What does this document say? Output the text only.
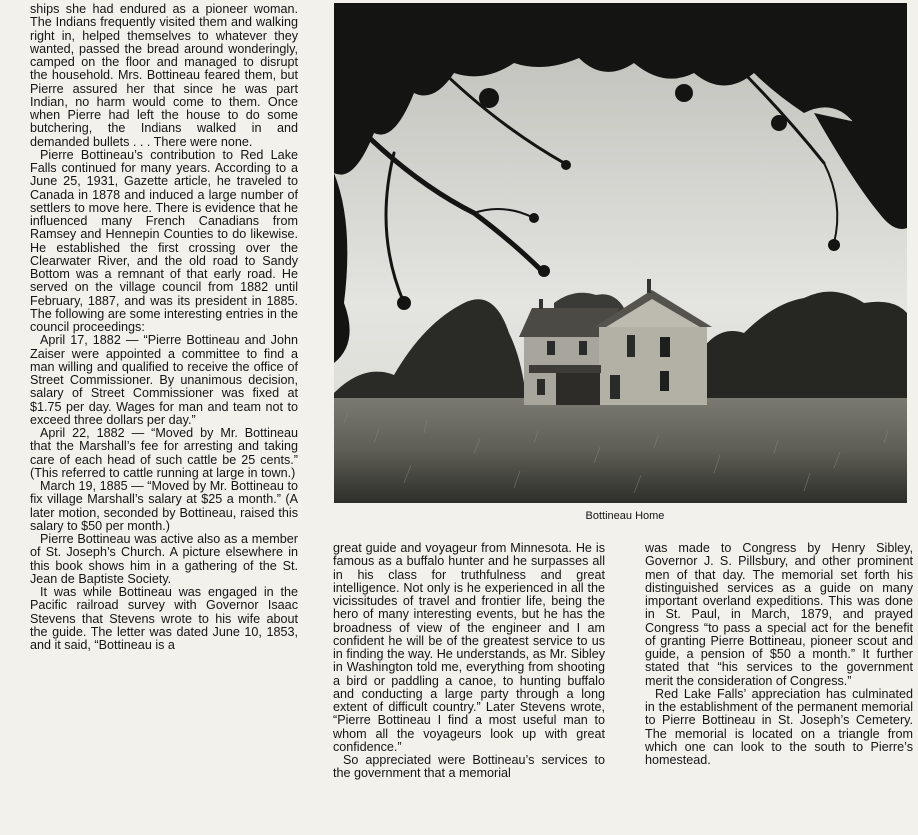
ships she had endured as a pioneer woman. The Indians frequently visited them and walking right in, helped themselves to whatever they wanted, passed the bread around wonderingly, camped on the floor and managed to disrupt the household. Mrs. Bottineau feared them, but Pierre assured her that since he was part Indian, no harm would come to them. Once when Pierre had left the house to do some butchering, the Indians walked in and demanded bullets . . . There were none.

Pierre Bottineau’s contribution to Red Lake Falls continued for many years. According to a June 25, 1931, Gazette article, he traveled to Canada in 1878 and induced a large number of settlers to move here. There is evidence that he influenced many French Canadians from Ramsey and Hennepin Counties to do likewise. He established the first crossing over the Clearwater River, and the old road to Sandy Bottom was a remnant of that early road. He served on the village council from 1882 until February, 1887, and was its president in 1885. The following are some interesting entries in the council proceedings:

April 17, 1882 — “Pierre Bottineau and John Zaiser were appointed a committee to find a man willing and qualified to receive the office of Street Commissioner. By unanimous decision, salary of Street Commissioner was fixed at $1.75 per day. Wages for man and team not to exceed three dollars per day.”

April 22, 1882 — “Moved by Mr. Bottineau that the Marshall’s fee for arresting and taking care of each head of such cattle be 25 cents.” (This referred to cattle running at large in town.)

March 19, 1885 — “Moved by Mr. Bottineau to fix village Marshall’s salary at $25 a month.” (A later motion, seconded by Bottineau, raised this salary to $50 per month.)

Pierre Bottineau was active also as a member of St. Joseph’s Church. A picture elsewhere in this book shows him in a gathering of the St. Jean de Baptiste Society.

It was while Bottineau was engaged in the Pacific railroad survey with Governor Isaac Stevens that Stevens wrote to his wife about the guide. The letter was dated June 10, 1853, and it said, “Bottineau is a

Bottineau Home

great guide and voyageur from Minnesota. He is famous as a buffalo hunter and he surpasses all in his class for truthfulness and great intelligence. Not only is he experienced in all the vicissitudes of travel and frontier life, being the hero of many interesting events, but he has the broadness of view of the engineer and I am confident he will be of the greatest service to us in finding the way. He understands, as Mr. Sibley in Washington told me, everything from shooting a bird or paddling a canoe, to hunting buffalo and conducting a large party through a long extent of difficult country.” Later Stevens wrote, “Pierre Bottineau I find a most useful man to whom all the voyageurs look up with great confidence.”

So appreciated were Bottineau’s services to the government that a memorial

was made to Congress by Henry Sibley, Governor J. S. Pillsbury, and other prominent men of that day. The memorial set forth his distinguished services as a guide on many important overland expeditions. This was done in St. Paul, in March, 1879, and prayed Congress “to pass a special act for the benefit of granting Pierre Bottineau, pioneer scout and guide, a pension of $50 a month.” It further stated that “his services to the government merit the consideration of Congress.”

Red Lake Falls’ appreciation has culminated in the establishment of the permanent memorial to Pierre Bottineau in St. Joseph’s Cemetery. The memorial is located on a triangle from which one can look to the south to Pierre’s homestead.
